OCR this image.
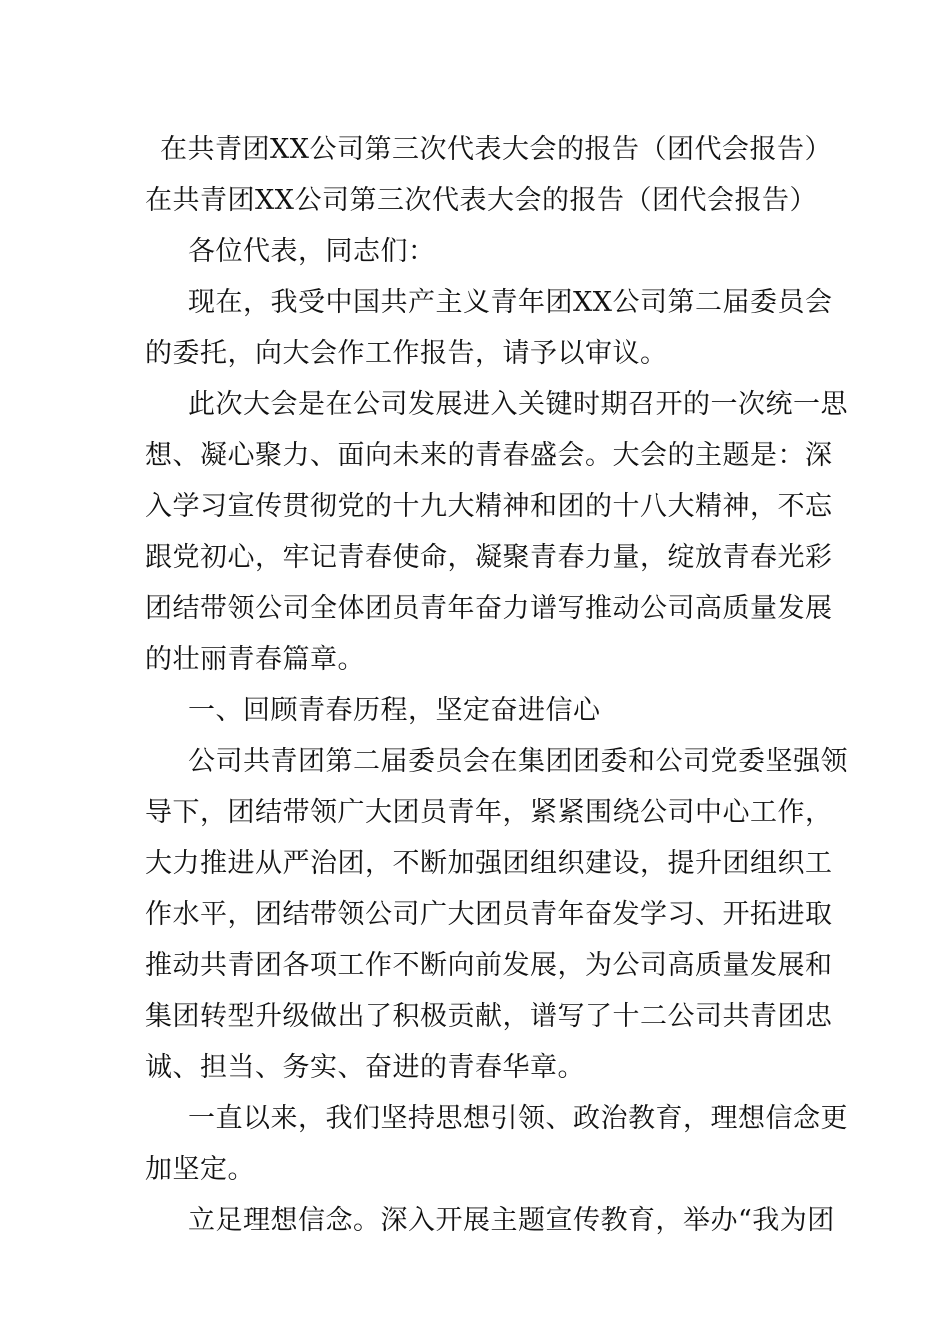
在共青团XX公司第三次代表大会的报告（团代会报告）
在共青团XX公司第三次代表大会的报告（团代会报告）
各位代表，同志们：
现在，我受中国共产主义青年团XX公司第二届委员会
的委托，向大会作工作报告，请予以审议。
此次大会是在公司发展进入关键时期召开的一次统一思
想、凝心聚力、面向未来的青春盛会。大会的主题是：深
入学习宣传贯彻党的十九大精神和团的十八大精神，不忘
跟党初心，牢记青春使命，凝聚青春力量，绽放青春光彩
团结带领公司全体团员青年奋力谱写推动公司高质量发展
的壮丽青春篇章。
一、回顾青春历程，坚定奋进信心
公司共青团第二届委员会在集团团委和公司党委坚强领
导下，团结带领广大团员青年，紧紧围绕公司中心工作，
大力推进从严治团，不断加强团组织建设，提升团组织工
作水平，团结带领公司广大团员青年奋发学习、开拓进取
推动共青团各项工作不断向前发展，为公司高质量发展和
集团转型升级做出了积极贡献，谱写了十二公司共青团忠
诚、担当、务实、奋进的青春华章。
一直以来，我们坚持思想引领、政治教育，理想信念更
加坚定。
立足理想信念。深入开展主题宣传教育，举办“我为团
